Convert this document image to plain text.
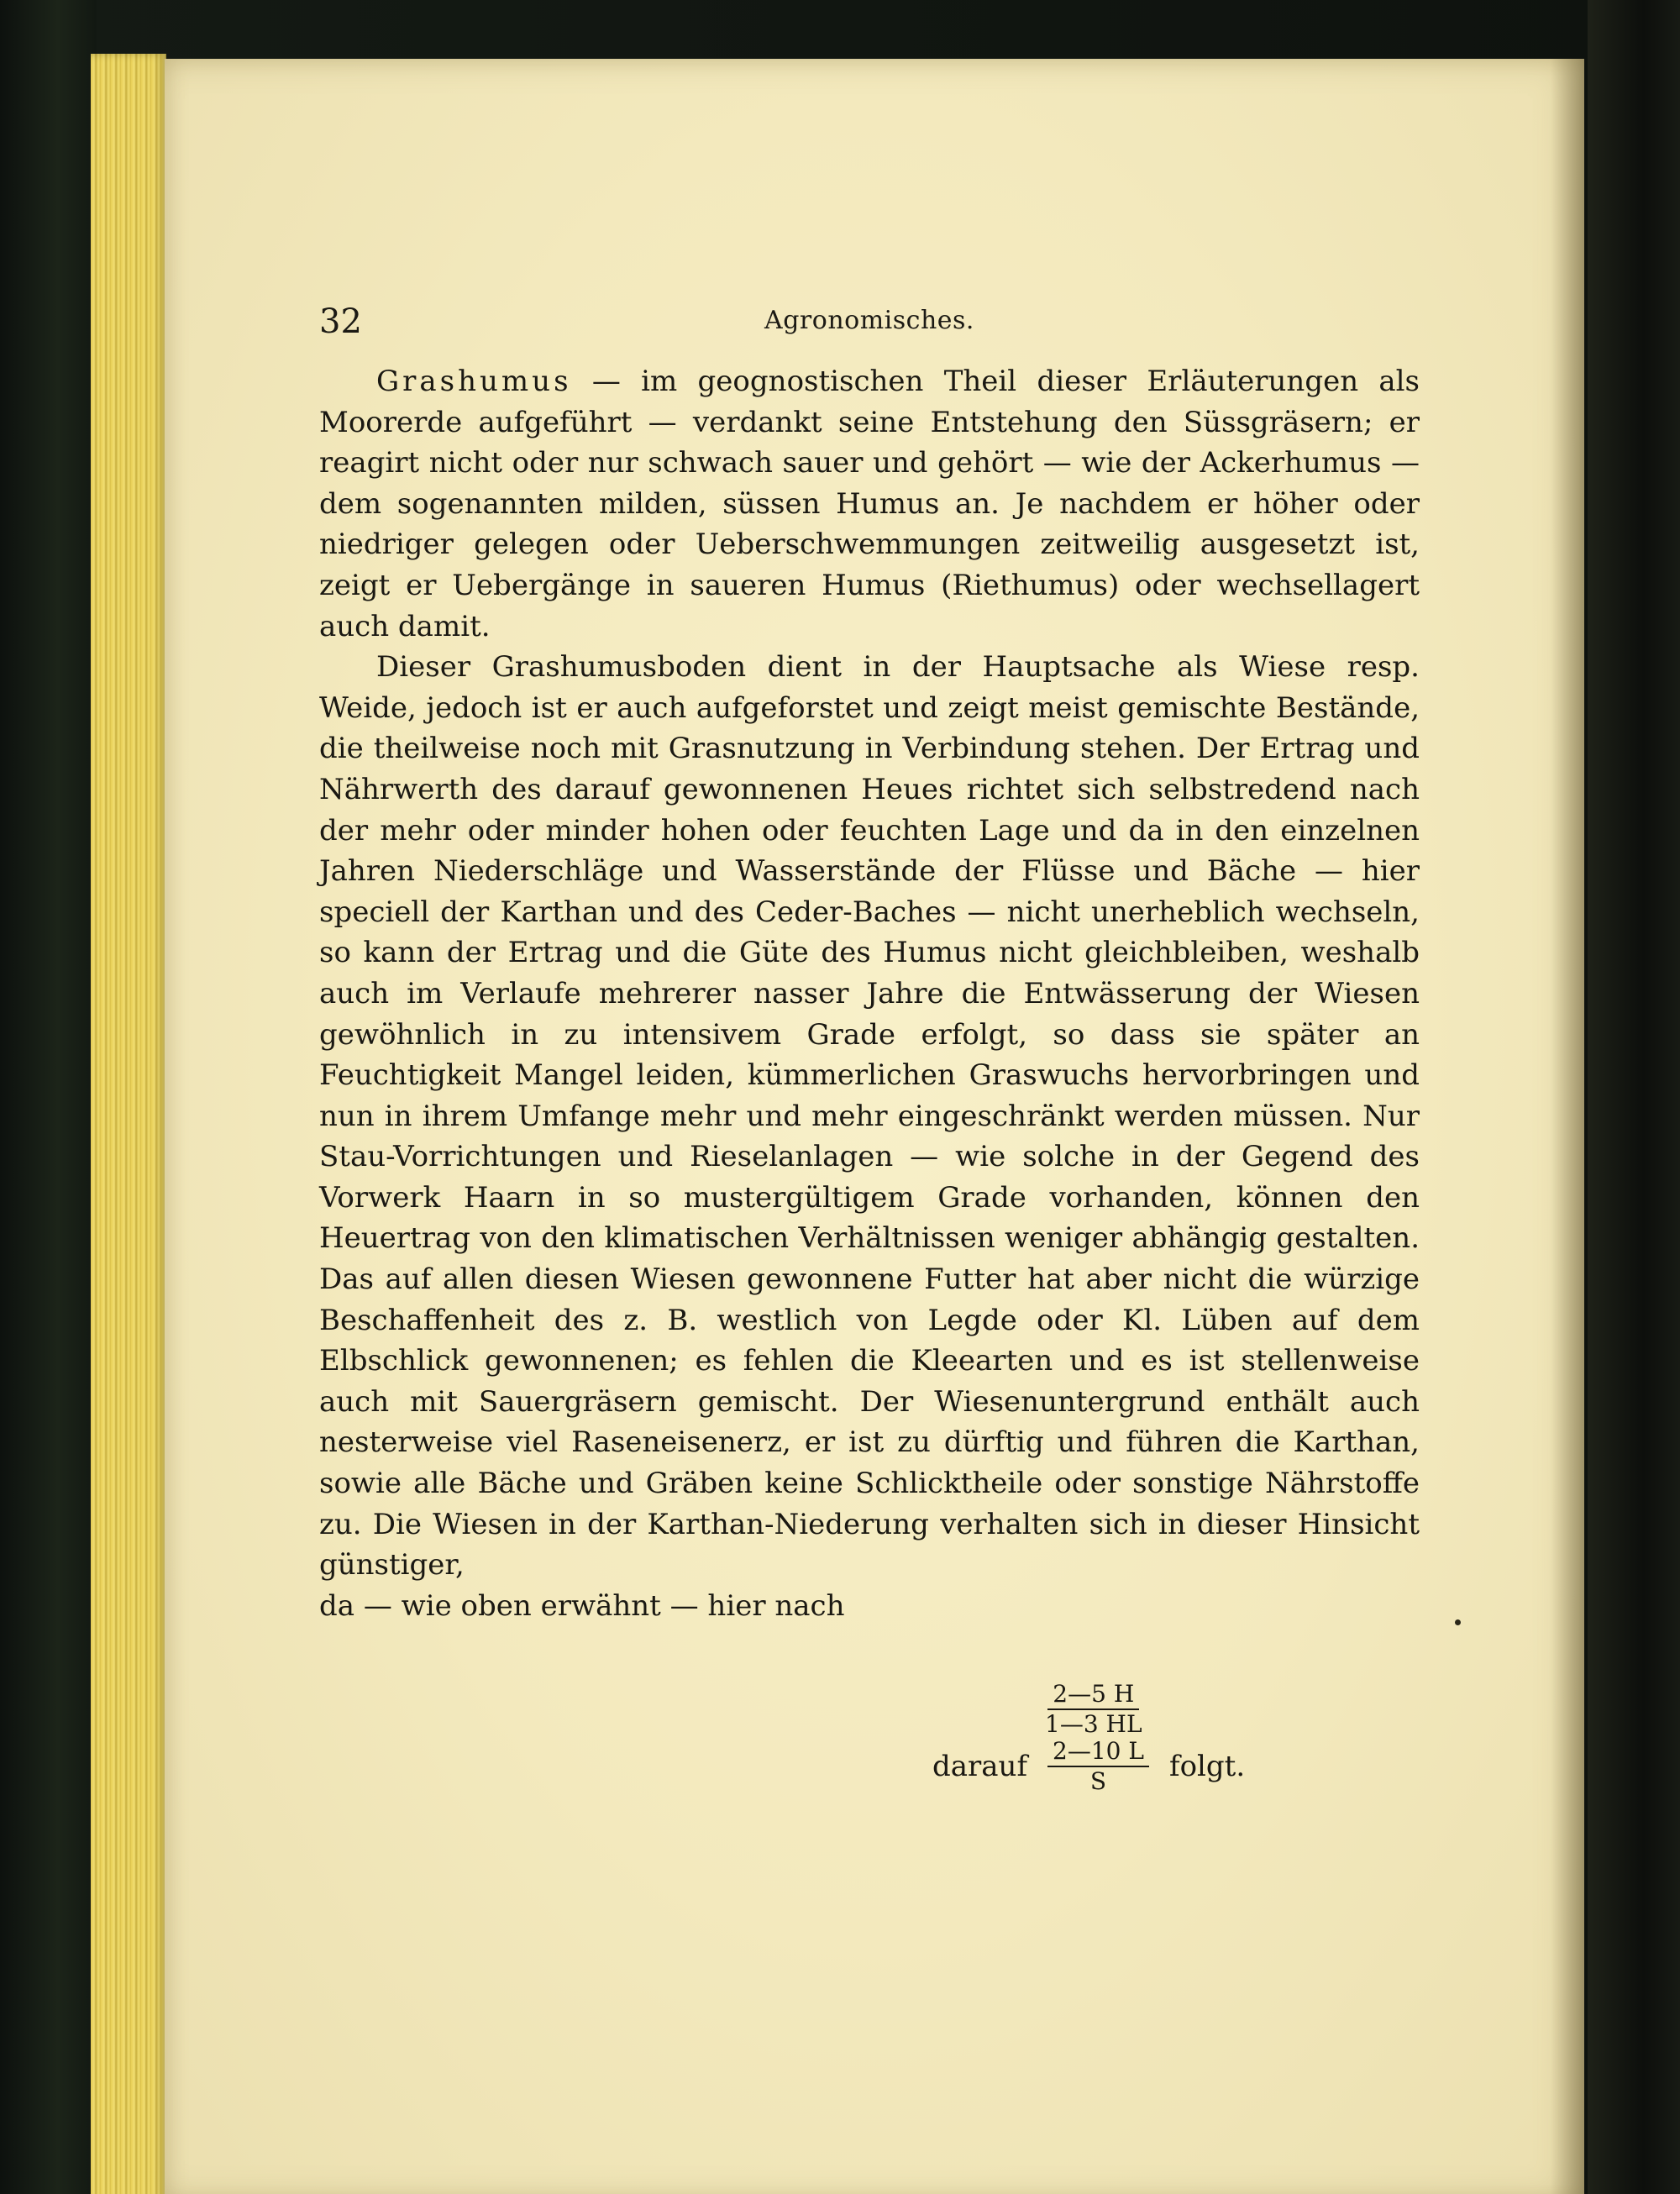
32	Agronomisches.

Grashumus — im geognostischen Theil dieser Erläuterungen als Moorerde aufgeführt — verdankt seine Entstehung den Süssgräsern; er reagirt nicht oder nur schwach sauer und gehört — wie der Ackerhumus — dem sogenannten milden, süssen Humus an. Je nachdem er höher oder niedriger gelegen oder Ueberschwemmungen zeitweilig ausgesetzt ist, zeigt er Uebergänge in saueren Humus (Riethumus) oder wechsellagert auch damit.

Dieser Grashumusboden dient in der Hauptsache als Wiese resp. Weide, jedoch ist er auch aufgeforstet und zeigt meist gemischte Bestände, die theilweise noch mit Grasnutzung in Verbindung stehen. Der Ertrag und Nährwerth des darauf gewonnenen Heues richtet sich selbstredend nach der mehr oder minder hohen oder feuchten Lage und da in den einzelnen Jahren Niederschläge und Wasserstände der Flüsse und Bäche — hier speciell der Karthan und des Ceder-Baches — nicht unerheblich wechseln, so kann der Ertrag und die Güte des Humus nicht gleichbleiben, weshalb auch im Verlaufe mehrerer nasser Jahre die Entwässerung der Wiesen gewöhnlich in zu intensivem Grade erfolgt, so dass sie später an Feuchtigkeit Mangel leiden, kümmerlichen Graswuchs hervorbringen und nun in ihrem Umfange mehr und mehr eingeschränkt werden müssen. Nur Stau-Vorrichtungen und Rieselanlagen — wie solche in der Gegend des Vorwerk Haarn in so mustergültigem Grade vorhanden, können den Heuertrag von den klimatischen Verhältnissen weniger abhängig gestalten. Das auf allen diesen Wiesen gewonnene Futter hat aber nicht die würzige Beschaffenheit des z. B. westlich von Legde oder Kl. Lüben auf dem Elbschlick gewonnenen; es fehlen die Kleearten und es ist stellenweise auch mit Sauergräsern gemischt. Der Wiesenuntergrund enthält auch nesterweise viel Raseneisenerz, er ist zu dürftig und führen die Karthan, sowie alle Bäche und Gräben keine Schlicktheile oder sonstige Nährstoffe zu. Die Wiesen in der Karthan-Niederung verhalten sich in dieser Hinsicht günstiger,

da — wie oben erwähnt — hier nach
$\frac{2—5 H}{1—3 HL}$
darauf $\frac{2—10 L}{S} folgt$.
